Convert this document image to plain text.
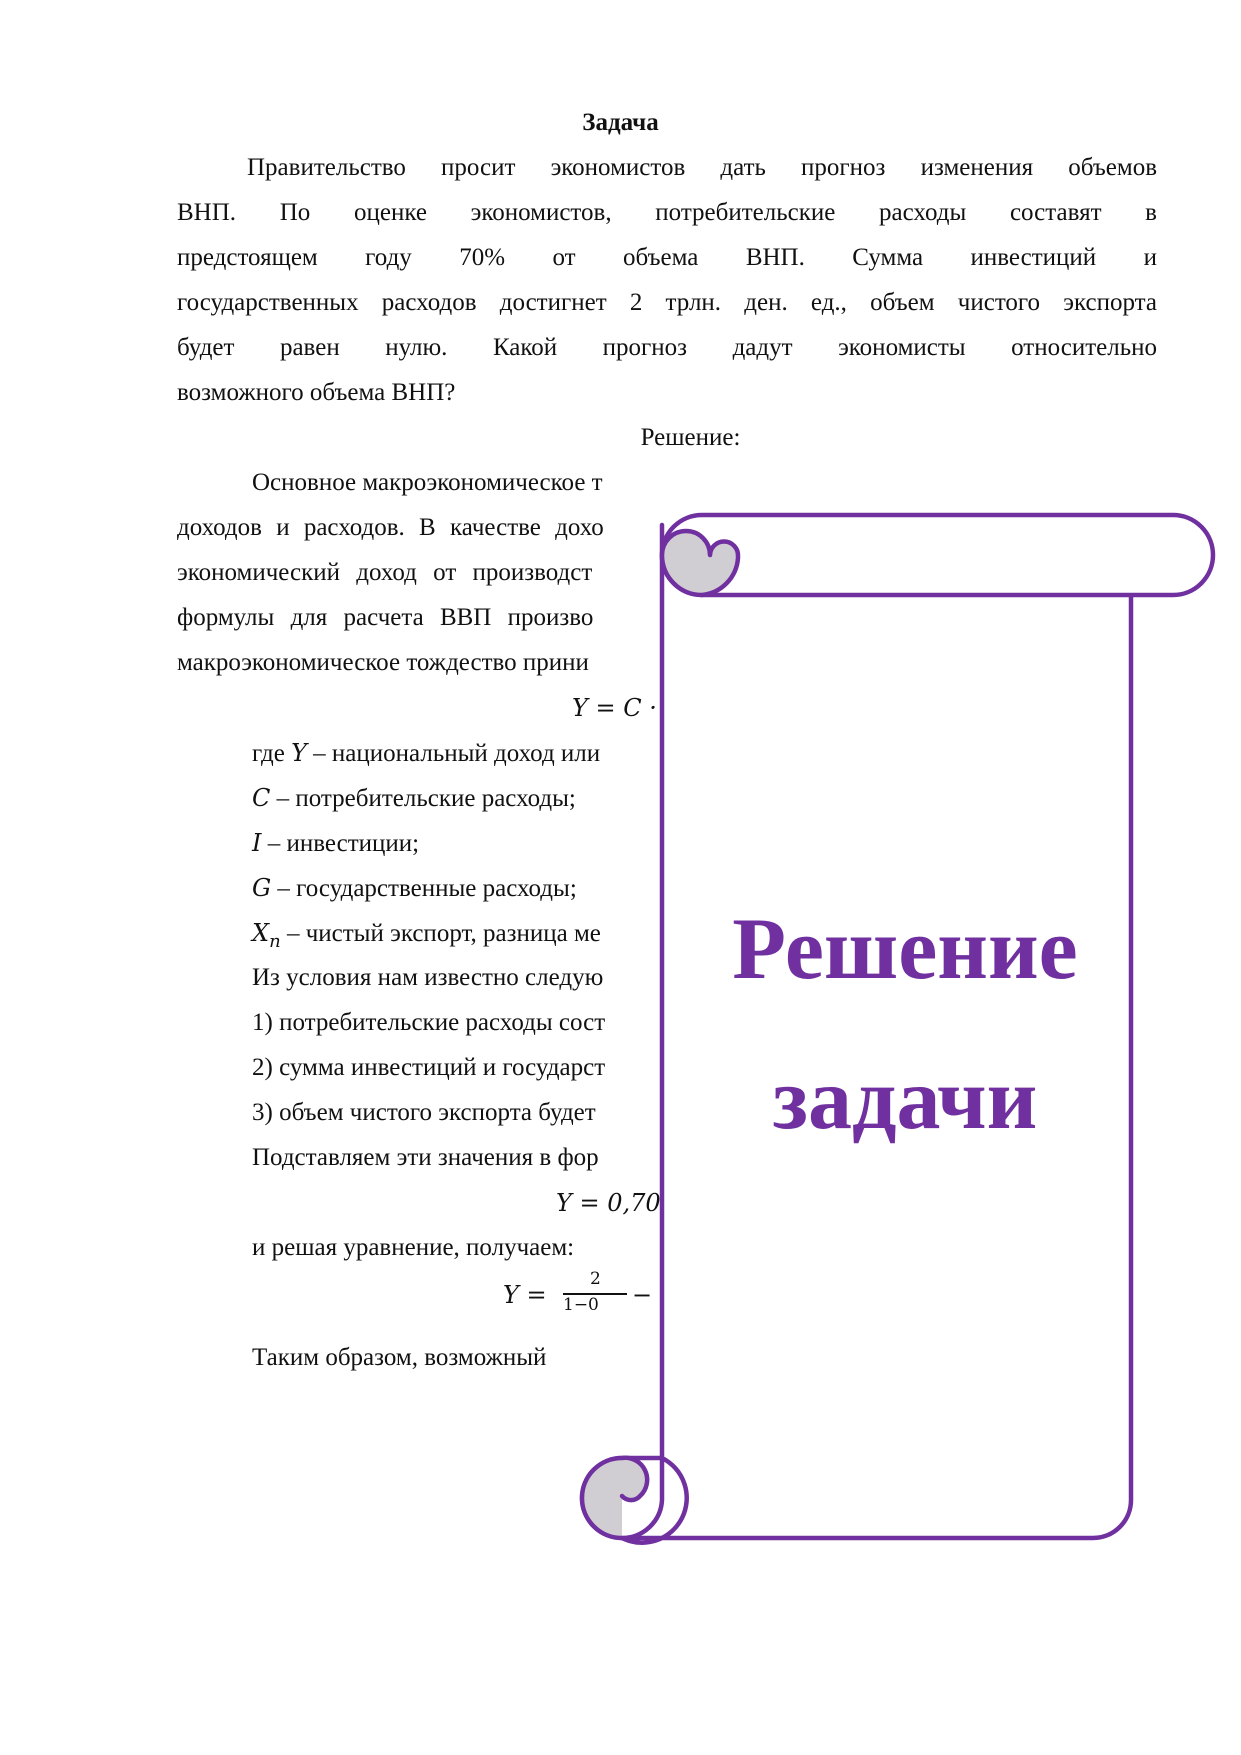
Задача
Правительство просит экономистов дать прогноз изменения объемов
ВНП. По оценке экономистов, потребительские расходы составят в
предстоящем году 70% от объема ВНП. Сумма инвестиций и
государственных расходов достигнет 2 трлн. ден. ед., объем чистого экспорта
будет равен нулю. Какой прогноз дадут экономисты относительно
возможного объема ВНП?
Решение:
Основное макроэкономическое т
доходов и расходов. В качестве дохо
экономический доход от производст
формулы для расчета ВВП произво
макроэкономическое тождество прини
Y = C ·
где Y – национальный доход или
C – потребительские расходы;
I – инвестиции;
G – государственные расходы;
$X_n$ – чистый экспорт, разница ме
Из условия нам известно следую
1) потребительские расходы сост
2) сумма инвестиций и государст
3) объем чистого экспорта будет
Подставляем эти значения в фор
Y = 0,70
и решая уравнение, получаем:
Y =
2
1−0 −
Таким образом, возможный
Решение
задачи
